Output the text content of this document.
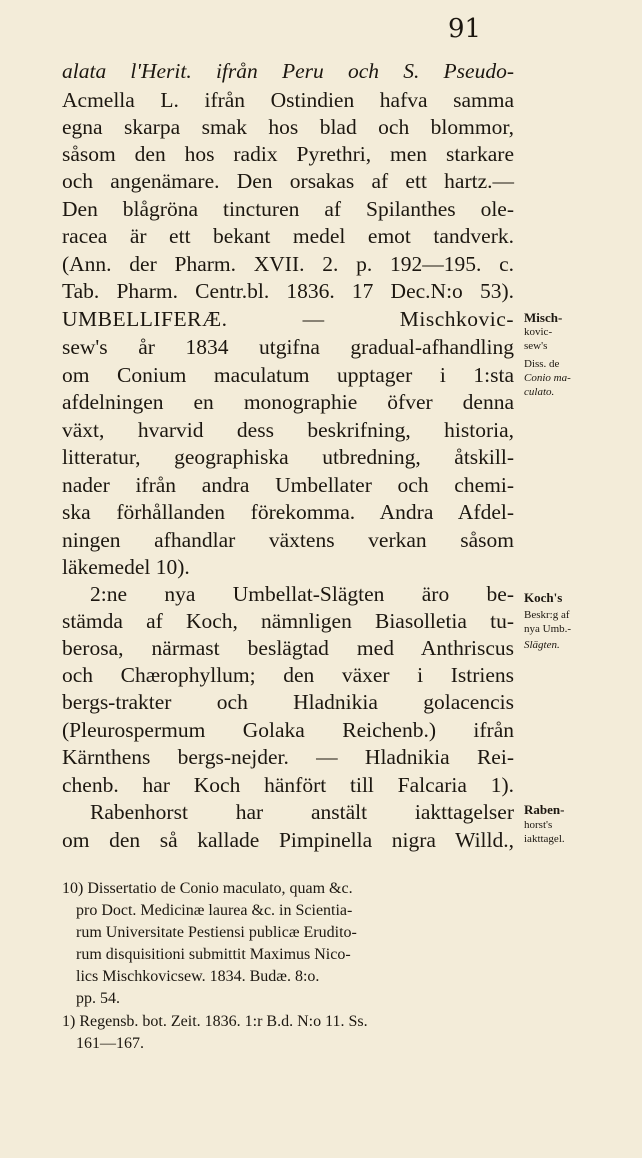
91
alata l'Herit. ifrån Peru och S. Pseudo-
Acmella L. ifrån Ostindien hafva samma
egna skarpa smak hos blad och blommor,
såsom den hos radix Pyrethri, men starkare
och angenämare. Den orsakas af ett hartz.—
Den blågröna tincturen af Spilanthes ole-
racea är ett bekant medel emot tandverk.
(Ann. der Pharm. XVII. 2. p. 192—195. c.
Tab. Pharm. Centr.bl. 1836. 17 Dec.N:o 53).
UMBELLIFERÆ. — Mischkovic-
sew's år 1834 utgifna gradual-afhandling
om Conium maculatum upptager i 1:sta
afdelningen en monographie öfver denna
växt, hvarvid dess beskrifning, historia,
litteratur, geographiska utbredning, åtskill-
nader ifrån andra Umbellater och chemi-
ska förhållanden förekomma. Andra Afdel-
ningen afhandlar växtens verkan såsom
läkemedel 10).
2:ne nya Umbellat-Slägten äro be-
stämda af Koch, nämnligen Biasolletia tu-
berosa, närmast beslägtad med Anthriscus
och Chærophyllum; den växer i Istriens
bergs-trakter och Hladnikia golacencis
(Pleurospermum Golaka Reichenb.) ifrån
Kärnthens bergs-nejder. — Hladnikia Rei-
chenb. har Koch hänfört till Falcaria 1).
Rabenhorst har anstält iakttagelser
om den så kallade Pimpinella nigra Willd.,
Misch-
kovic-
sew's
Diss. de
Conio ma-
culato.
Koch's
Beskr:g af
nya Umb.-
Slägten.
Raben-
horst's
iakttagel.
10) Dissertatio de Conio maculato, quam &c.
pro Doct. Medicinæ laurea &c. in Scientia-
rum Universitate Pestiensi publicæ Erudito-
rum disquisitioni submittit Maximus Nico-
lics Mischkovicsew. 1834. Budæ. 8:o.
pp. 54.
1) Regensb. bot. Zeit. 1836. 1:r B.d. N:o 11. Ss.
161—167.
